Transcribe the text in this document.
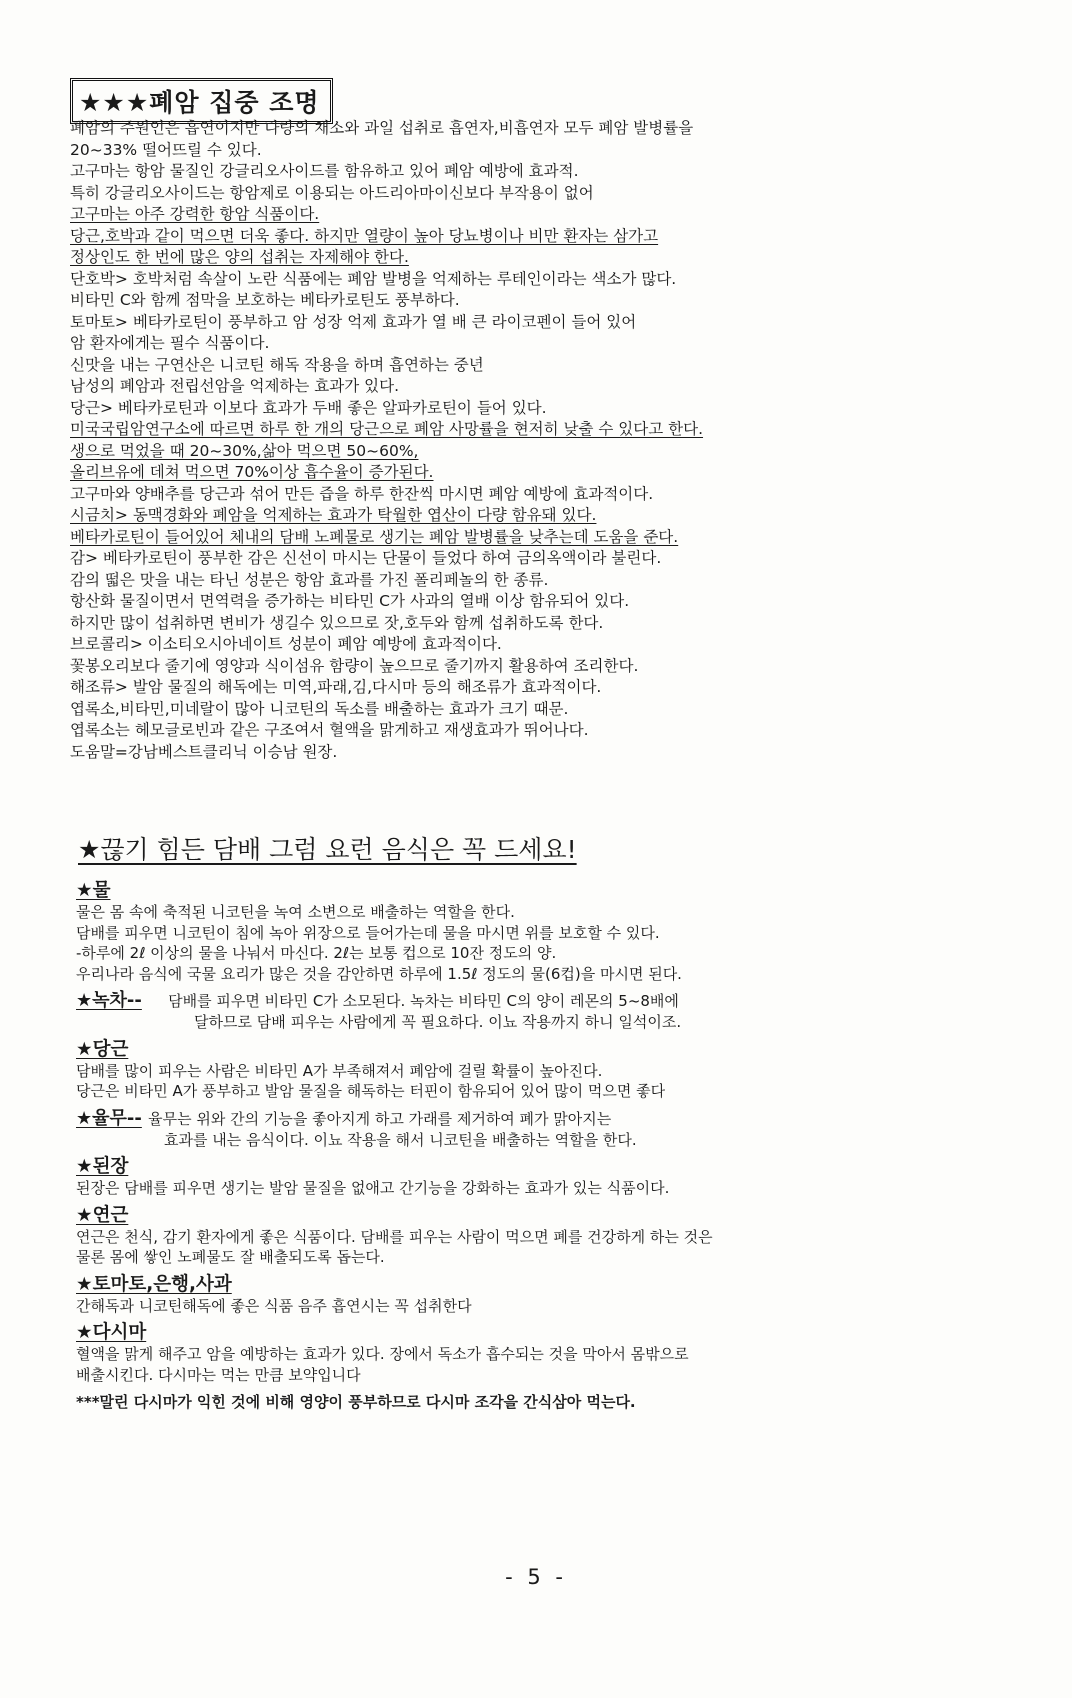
★★★폐암 집중 조명
폐암의 주원인은 흡연이지만 다량의 채소와 과일 섭취로 흡연자,비흡연자 모두 폐암 발병률을
20~33% 떨어뜨릴 수 있다.
고구마는 항암 물질인 강글리오사이드를 함유하고 있어 폐암 예방에 효과적.
특히 강글리오사이드는 항암제로 이용되는 아드리아마이신보다 부작용이 없어
고구마는 아주 강력한 항암 식품이다.
당근,호박과 같이 먹으면 더욱 좋다. 하지만 열량이 높아 당뇨병이나 비만 환자는 삼가고
정상인도 한 번에 많은 양의 섭취는 자제해야 한다.
단호박> 호박처럼 속살이 노란 식품에는 폐암 발병을 억제하는 루테인이라는 색소가 많다.
비타민 C와 함께 점막을 보호하는 베타카로틴도 풍부하다.
토마토> 베타카로틴이 풍부하고 암 성장 억제 효과가 열 배 큰 라이코펜이 들어 있어
암 환자에게는 필수 식품이다.
신맛을 내는 구연산은 니코틴 해독 작용을 하며 흡연하는 중년
남성의 폐암과 전립선암을 억제하는 효과가 있다.
당근> 베타카로틴과 이보다 효과가 두배 좋은 알파카로틴이 들어 있다.
미국국립암연구소에 따르면 하루 한 개의 당근으로 폐암 사망률을 현저히 낮출 수 있다고 한다.
생으로 먹었을 때 20~30%,삶아 먹으면 50~60%,
올리브유에 데쳐 먹으면 70%이상 흡수율이 증가된다.
고구마와 양배추를 당근과 섞어 만든 즙을 하루 한잔씩 마시면 폐암 예방에 효과적이다.
시금치> 동맥경화와 폐암을 억제하는 효과가 탁월한 엽산이 다량 함유돼 있다.
베타카로틴이 들어있어 체내의 담배 노폐물로 생기는 폐암 발병률을 낮추는데 도움을 준다.
감> 베타카로틴이 풍부한 감은 신선이 마시는 단물이 들었다 하여 금의옥액이라 불린다.
감의 떫은 맛을 내는 타닌 성분은 항암 효과를 가진 폴리페놀의 한 종류.
항산화 물질이면서 면역력을 증가하는 비타민 C가 사과의 열배 이상 함유되어 있다.
하지만 많이 섭취하면 변비가 생길수 있으므로 잣,호두와 함께 섭취하도록 한다.
브로콜리> 이소티오시아네이트 성분이 폐암 예방에 효과적이다.
꽃봉오리보다 줄기에 영양과 식이섬유 함량이 높으므로 줄기까지 활용하여 조리한다.
해조류> 발암 물질의 해독에는 미역,파래,김,다시마 등의 해조류가 효과적이다.
엽록소,비타민,미네랄이 많아 니코틴의 독소를 배출하는 효과가 크기 때문.
엽록소는 헤모글로빈과 같은 구조여서 혈액을 맑게하고 재생효과가 뛰어나다.
도움말=강남베스트클리닉 이승남 원장.
★끊기 힘든 담배 그럼 요런 음식은 꼭 드세요!
★물
물은 몸 속에 축적된 니코틴을 녹여 소변으로 배출하는 역할을 한다.
담배를 피우면 니코틴이 침에 녹아 위장으로 들어가는데 물을 마시면 위를 보호할 수 있다.
-하루에 2ℓ 이상의 물을 나눠서 마신다. 2ℓ는 보통 컵으로 10잔 정도의 양.
우리나라 음식에 국물 요리가 많은 것을 감안하면 하루에 1.5ℓ 정도의 물(6컵)을 마시면 된다.
★녹차-- 담배를 피우면 비타민 C가 소모된다. 녹차는 비타민 C의 양이 레몬의 5~8배에
달하므로 담배 피우는 사람에게 꼭 필요하다. 이뇨 작용까지 하니 일석이조.
★당근
담배를 많이 피우는 사람은 비타민 A가 부족해져서 폐암에 걸릴 확률이 높아진다.
당근은 비타민 A가 풍부하고 발암 물질을 해독하는 터핀이 함유되어 있어 많이 먹으면 좋다
★율무-- 율무는 위와 간의 기능을 좋아지게 하고 가래를 제거하여 폐가 맑아지는
효과를 내는 음식이다. 이뇨 작용을 해서 니코틴을 배출하는 역할을 한다.
★된장
된장은 담배를 피우면 생기는 발암 물질을 없애고 간기능을 강화하는 효과가 있는 식품이다.
★연근
연근은 천식, 감기 환자에게 좋은 식품이다. 담배를 피우는 사람이 먹으면 폐를 건강하게 하는 것은
물론 몸에 쌓인 노폐물도 잘 배출되도록 돕는다.
★토마토,은행,사과
간해독과 니코틴해독에 좋은 식품 음주 흡연시는 꼭 섭취한다
★다시마
혈액을 맑게 해주고 암을 예방하는 효과가 있다. 장에서 독소가 흡수되는 것을 막아서 몸밖으로
배출시킨다. 다시마는 먹는 만큼 보약입니다
***말린 다시마가 익힌 것에 비해 영양이 풍부하므로 다시마 조각을 간식삼아 먹는다.
- 5 -
